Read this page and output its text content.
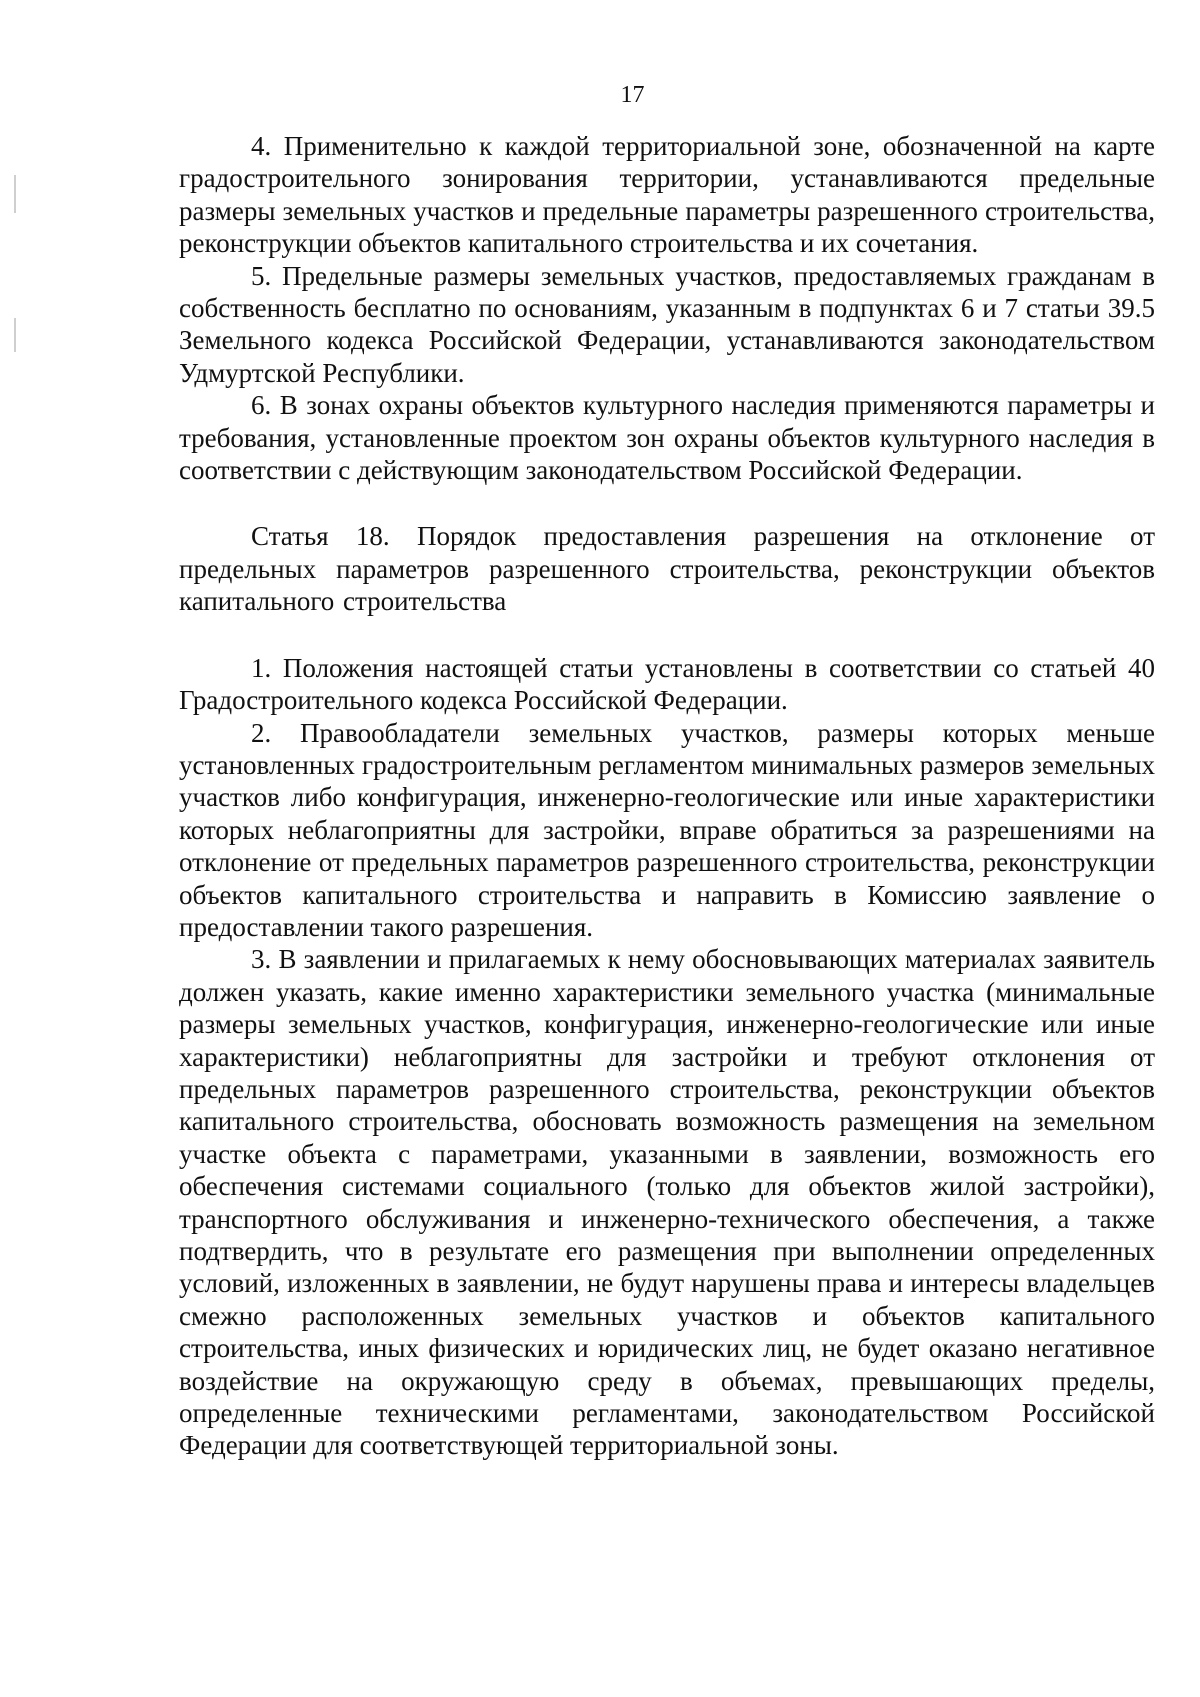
17

4. Применительно к каждой территориальной зоне, обозначенной на карте градостроительного зонирования территории, устанавливаются предельные размеры земельных участков и предельные параметры разрешенного строительства, реконструкции объектов капитального строительства и их сочетания.

5. Предельные размеры земельных участков, предоставляемых гражданам в собственность бесплатно по основаниям, указанным в подпунктах 6 и 7 статьи 39.5 Земельного кодекса Российской Федерации, устанавливаются законодательством Удмуртской Республики.

6. В зонах охраны объектов культурного наследия применяются параметры и требования, установленные проектом зон охраны объектов культурного наследия в соответствии с действующим законодательством Российской Федерации.

Статья 18. Порядок предоставления разрешения на отклонение от предельных параметров разрешенного строительства, реконструкции объектов капитального строительства

1. Положения настоящей статьи установлены в соответствии со статьей 40 Градостроительного кодекса Российской Федерации.

2. Правообладатели земельных участков, размеры которых меньше установленных градостроительным регламентом минимальных размеров земельных участков либо конфигурация, инженерно-геологические или иные характеристики которых неблагоприятны для застройки, вправе обратиться за разрешениями на отклонение от предельных параметров разрешенного строительства, реконструкции объектов капитального строительства и направить в Комиссию заявление о предоставлении такого разрешения.

3. В заявлении и прилагаемых к нему обосновывающих материалах заявитель должен указать, какие именно характеристики земельного участка (минимальные размеры земельных участков, конфигурация, инженерно-геологические или иные характеристики) неблагоприятны для застройки и требуют отклонения от предельных параметров разрешенного строительства, реконструкции объектов капитального строительства, обосновать возможность размещения на земельном участке объекта с параметрами, указанными в заявлении, возможность его обеспечения системами социального (только для объектов жилой застройки), транспортного обслуживания и инженерно-технического обеспечения, а также подтвердить, что в результате его размещения при выполнении определенных условий, изложенных в заявлении, не будут нарушены права и интересы владельцев смежно расположенных земельных участков и объектов капитального строительства, иных физических и юридических лиц, не будет оказано негативное воздействие на окружающую среду в объемах, превышающих пределы, определенные техническими регламентами, законодательством Российской Федерации для соответствующей территориальной зоны.
